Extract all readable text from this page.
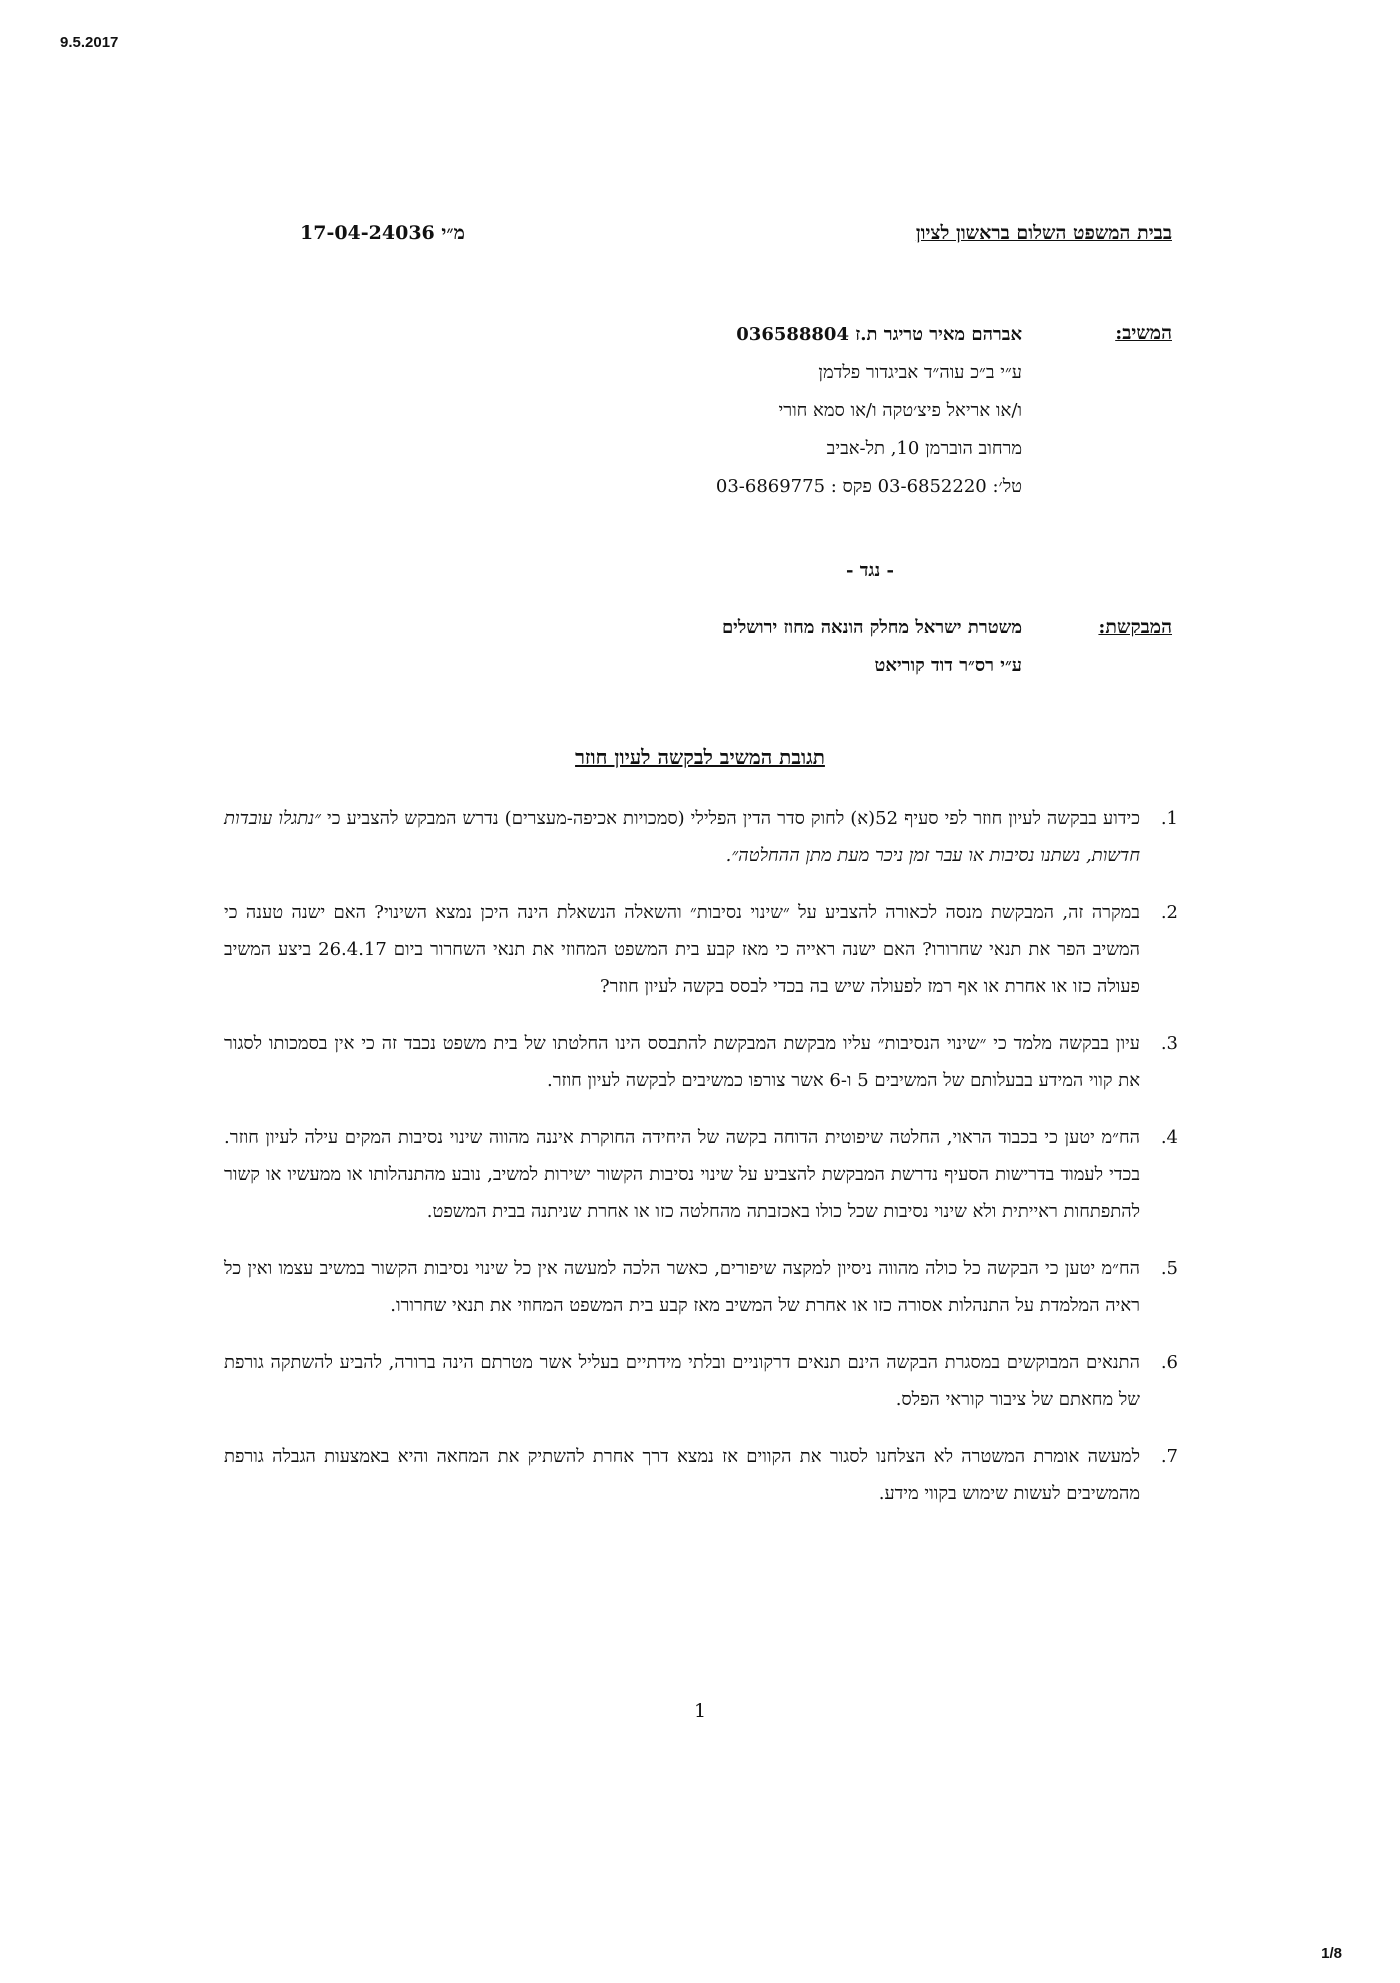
9.5.2017
בבית המשפט השלום בראשון לציון
מ״י 17-04-24036
המשיב:
אברהם מאיר טריגר ת.ז 036588804
ע״י ב״כ עוה״ד אביגדור פלדמן
ו/או אריאל פיצ׳טקה ו/או סמא חורי
מרחוב הוברמן 10, תל-אביב
טל׳: 03-6852220 פקס : 03-6869775
- נגד -
המבקשת:
משטרת ישראל מחלק הונאה מחוז ירושלים
ע״י רס״ר דוד קוריאט
תגובת המשיב לבקשה לעיון חוזר
1.
כידוע בבקשה לעיון חוזר לפי סעיף 52(א) לחוק סדר הדין הפלילי (סמכויות אכיפה-מעצרים) נדרש המבקש להצביע כי ״נתגלו עובדות חדשות, נשתנו נסיבות או עבר זמן ניכר מעת מתן ההחלטה״.
2.
במקרה זה, המבקשת מנסה לכאורה להצביע על ״שינוי נסיבות״ והשאלה הנשאלת הינה היכן נמצא השינוי? האם ישנה טענה כי המשיב הפר את תנאי שחרורו? האם ישנה ראייה כי מאז קבע בית המשפט המחוזי את תנאי השחרור ביום 26.4.17 ביצע המשיב פעולה כזו או אחרת או אף רמז לפעולה שיש בה בכדי לבסס בקשה לעיון חוזר?
3.
עיון בבקשה מלמד כי ״שינוי הנסיבות״ עליו מבקשת המבקשת להתבסס הינו החלטתו של בית משפט נכבד זה כי אין בסמכותו לסגור את קווי המידע בבעלותם של המשיבים 5 ו-6 אשר צורפו כמשיבים לבקשה לעיון חוזר.
4.
הח״מ יטען כי בכבוד הראוי, החלטה שיפוטית הדוחה בקשה של היחידה החוקרת איננה מהווה שינוי נסיבות המקים עילה לעיון חוזר. בכדי לעמוד בדרישות הסעיף נדרשת המבקשת להצביע על שינוי נסיבות הקשור ישירות למשיב, נובע מהתנהלותו או ממעשיו או קשור להתפתחות ראייתית ולא שינוי נסיבות שכל כולו באכזבתה מהחלטה כזו או אחרת שניתנה בבית המשפט.
5.
הח״מ יטען כי הבקשה כל כולה מהווה ניסיון למקצה שיפורים, כאשר הלכה למעשה אין כל שינוי נסיבות הקשור במשיב עצמו ואין כל ראיה המלמדת על התנהלות אסורה כזו או אחרת של המשיב מאז קבע בית המשפט המחוזי את תנאי שחרורו.
6.
התנאים המבוקשים במסגרת הבקשה הינם תנאים דרקוניים ובלתי מידתיים בעליל אשר מטרתם הינה ברורה, להביע להשתקה גורפת של מחאתם של ציבור קוראי הפלס.
7.
למעשה אומרת המשטרה לא הצלחנו לסגור את הקווים אז נמצא דרך אחרת להשתיק את המחאה והיא באמצעות הגבלה גורפת מהמשיבים לעשות שימוש בקווי מידע.
1
1/8
